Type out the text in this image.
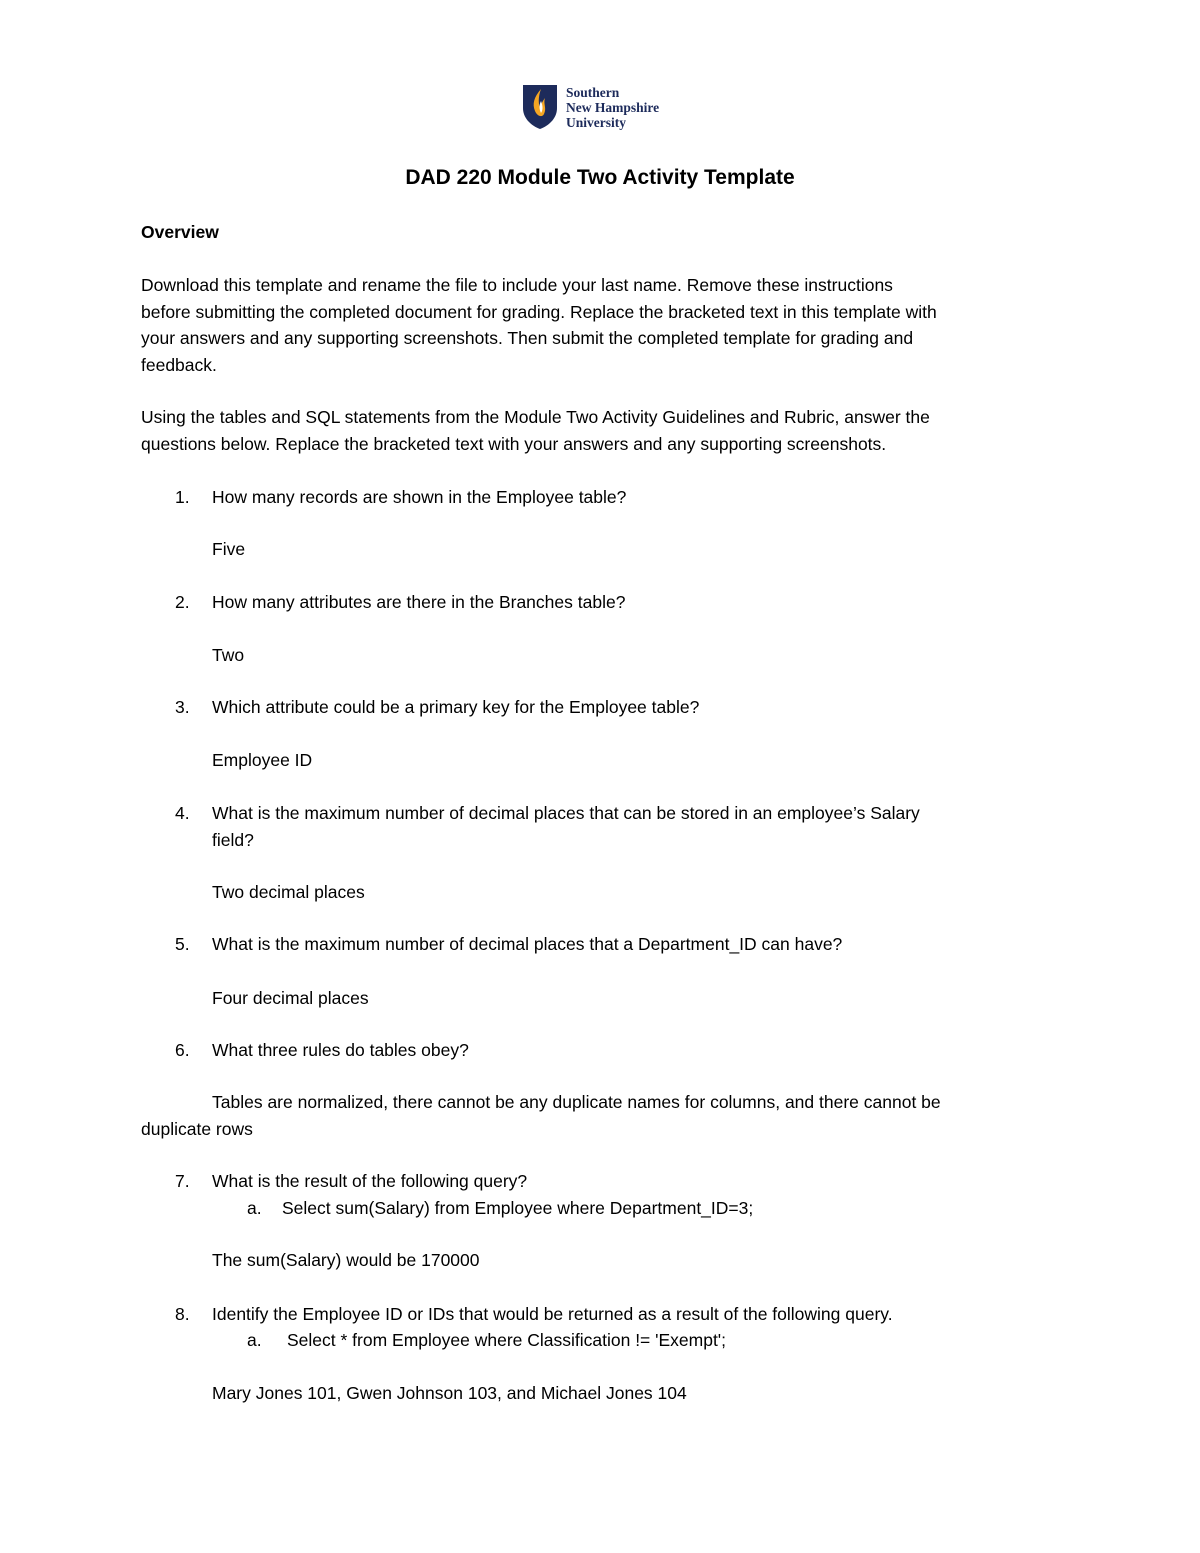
Southern
New Hampshire
University
DAD 220 Module Two Activity Template
Overview
Download this template and rename the file to include your last name. Remove these instructions
before submitting the completed document for grading. Replace the bracketed text in this template with
your answers and any supporting screenshots. Then submit the completed template for grading and
feedback.
Using the tables and SQL statements from the Module Two Activity Guidelines and Rubric, answer the
questions below. Replace the bracketed text with your answers and any supporting screenshots.
1. How many records are shown in the Employee table?
Five
2. How many attributes are there in the Branches table?
Two
3. Which attribute could be a primary key for the Employee table?
Employee ID
4. What is the maximum number of decimal places that can be stored in an employee’s Salary
field?
Two decimal places
5. What is the maximum number of decimal places that a Department_ID can have?
Four decimal places
6. What three rules do tables obey?
Tables are normalized, there cannot be any duplicate names for columns, and there cannot be
duplicate rows
7. What is the result of the following query?
a. Select sum(Salary) from Employee where Department_ID=3;
The sum(Salary) would be 170000
8. Identify the Employee ID or IDs that would be returned as a result of the following query.
a. Select * from Employee where Classification != 'Exempt';
Mary Jones 101, Gwen Johnson 103, and Michael Jones 104
